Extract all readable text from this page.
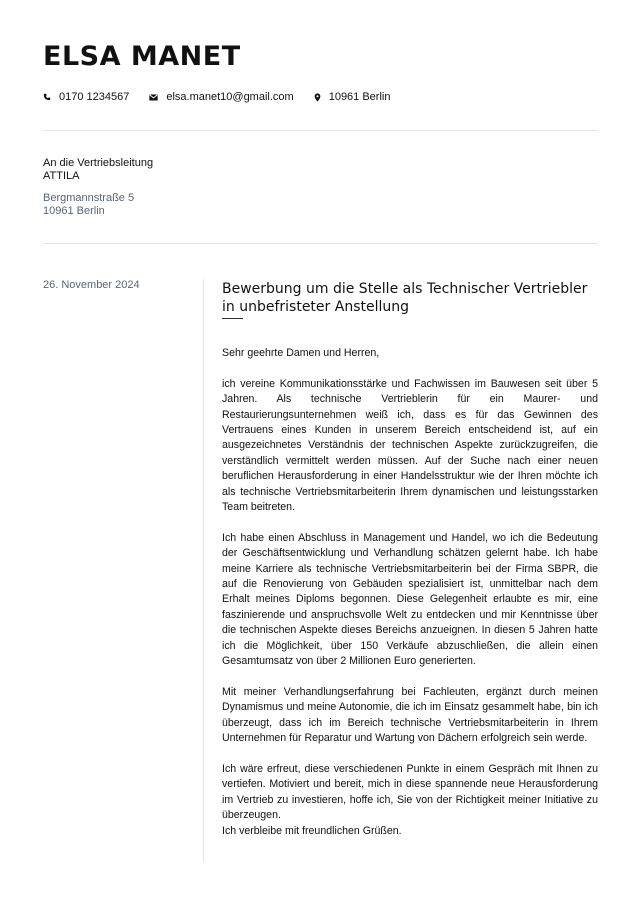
ELSA MANET
0170 1234567	elsa.manet10@gmail.com	10961 Berlin
An die Vertriebsleitung
ATTILA
Bergmannstraße 5
10961 Berlin
26. November 2024	Bewerbung um die Stelle als Technischer Vertriebler in unbefristeter Anstellung

Sehr geehrte Damen und Herren,

ich vereine Kommunikationsstärke und Fachwissen im Bauwesen seit über 5 Jahren. Als technische Vertrieblerin für ein Maurer- und Restaurierungsunternehmen weiß ich, dass es für das Gewinnen des Vertrauens eines Kunden in unserem Bereich entscheidend ist, auf ein ausgezeichnetes Verständnis der technischen Aspekte zurückzugreifen, die verständlich vermittelt werden müssen. Auf der Suche nach einer neuen beruflichen Herausforderung in einer Handelsstruktur wie der Ihren möchte ich als technische Vertriebsmitarbeiterin Ihrem dynamischen und leistungsstarken Team beitreten.

Ich habe einen Abschluss in Management und Handel, wo ich die Bedeutung der Geschäftsentwicklung und Verhandlung schätzen gelernt habe. Ich habe meine Karriere als technische Vertriebsmitarbeiterin bei der Firma SBPR, die auf die Renovierung von Gebäuden spezialisiert ist, unmittelbar nach dem Erhalt meines Diploms begonnen. Diese Gelegenheit erlaubte es mir, eine faszinierende und anspruchsvolle Welt zu entdecken und mir Kenntnisse über die technischen Aspekte dieses Bereichs anzueignen. In diesen 5 Jahren hatte ich die Möglichkeit, über 150 Verkäufe abzuschließen, die allein einen Gesamtumsatz von über 2 Millionen Euro generierten.

Mit meiner Verhandlungserfahrung bei Fachleuten, ergänzt durch meinen Dynamismus und meine Autonomie, die ich im Einsatz gesammelt habe, bin ich überzeugt, dass ich im Bereich technische Vertriebsmitarbeiterin in Ihrem Unternehmen für Reparatur und Wartung von Dächern erfolgreich sein werde.

Ich wäre erfreut, diese verschiedenen Punkte in einem Gespräch mit Ihnen zu vertiefen. Motiviert und bereit, mich in diese spannende neue Herausforderung im Vertrieb zu investieren, hoffe ich, Sie von der Richtigkeit meiner Initiative zu überzeugen.

Ich verbleibe mit freundlichen Grüßen.
